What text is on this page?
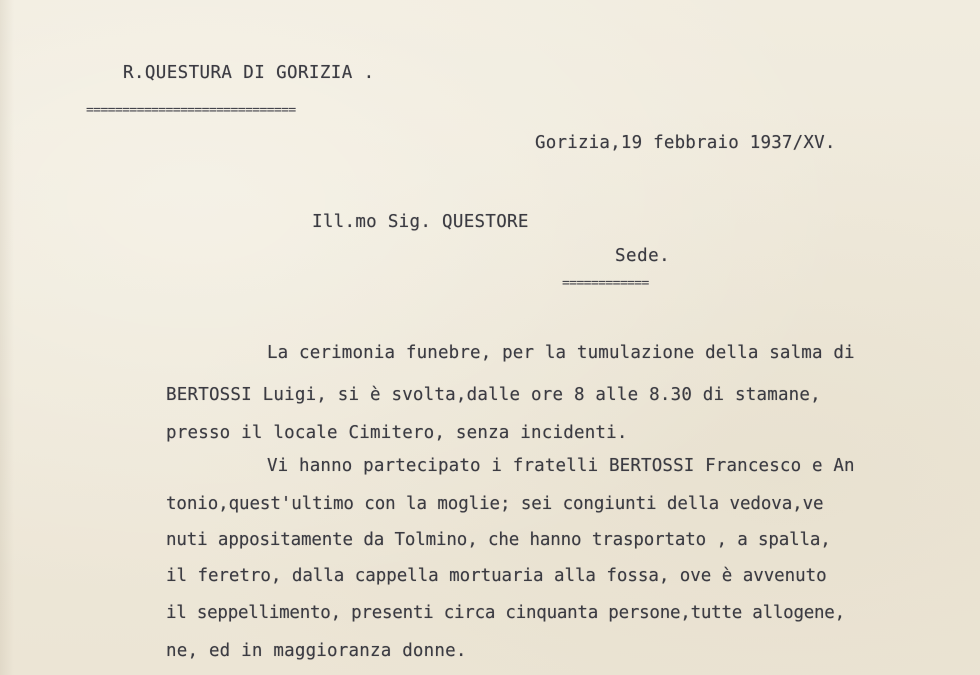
R.QUESTURA DI GORIZIA .
=============================
Gorizia,19 febbraio 1937/XV.
Ill.mo Sig. QUESTORE
Sede.
============
La cerimonia funebre, per la tumulazione della salma di
BERTOSSI Luigi, si è svolta,dalle ore 8 alle 8.30 di stamane,
presso il locale Cimitero, senza incidenti.
Vi hanno partecipato i fratelli BERTOSSI Francesco e An
tonio,quest'ultimo con la moglie; sei congiunti della vedova,ve
nuti appositamente da Tolmino, che hanno trasportato , a spalla,
il feretro, dalla cappella mortuaria alla fossa, ove è avvenuto
il seppellimento, presenti circa cinquanta persone,tutte allogene,
ne, ed in maggioranza donne.
